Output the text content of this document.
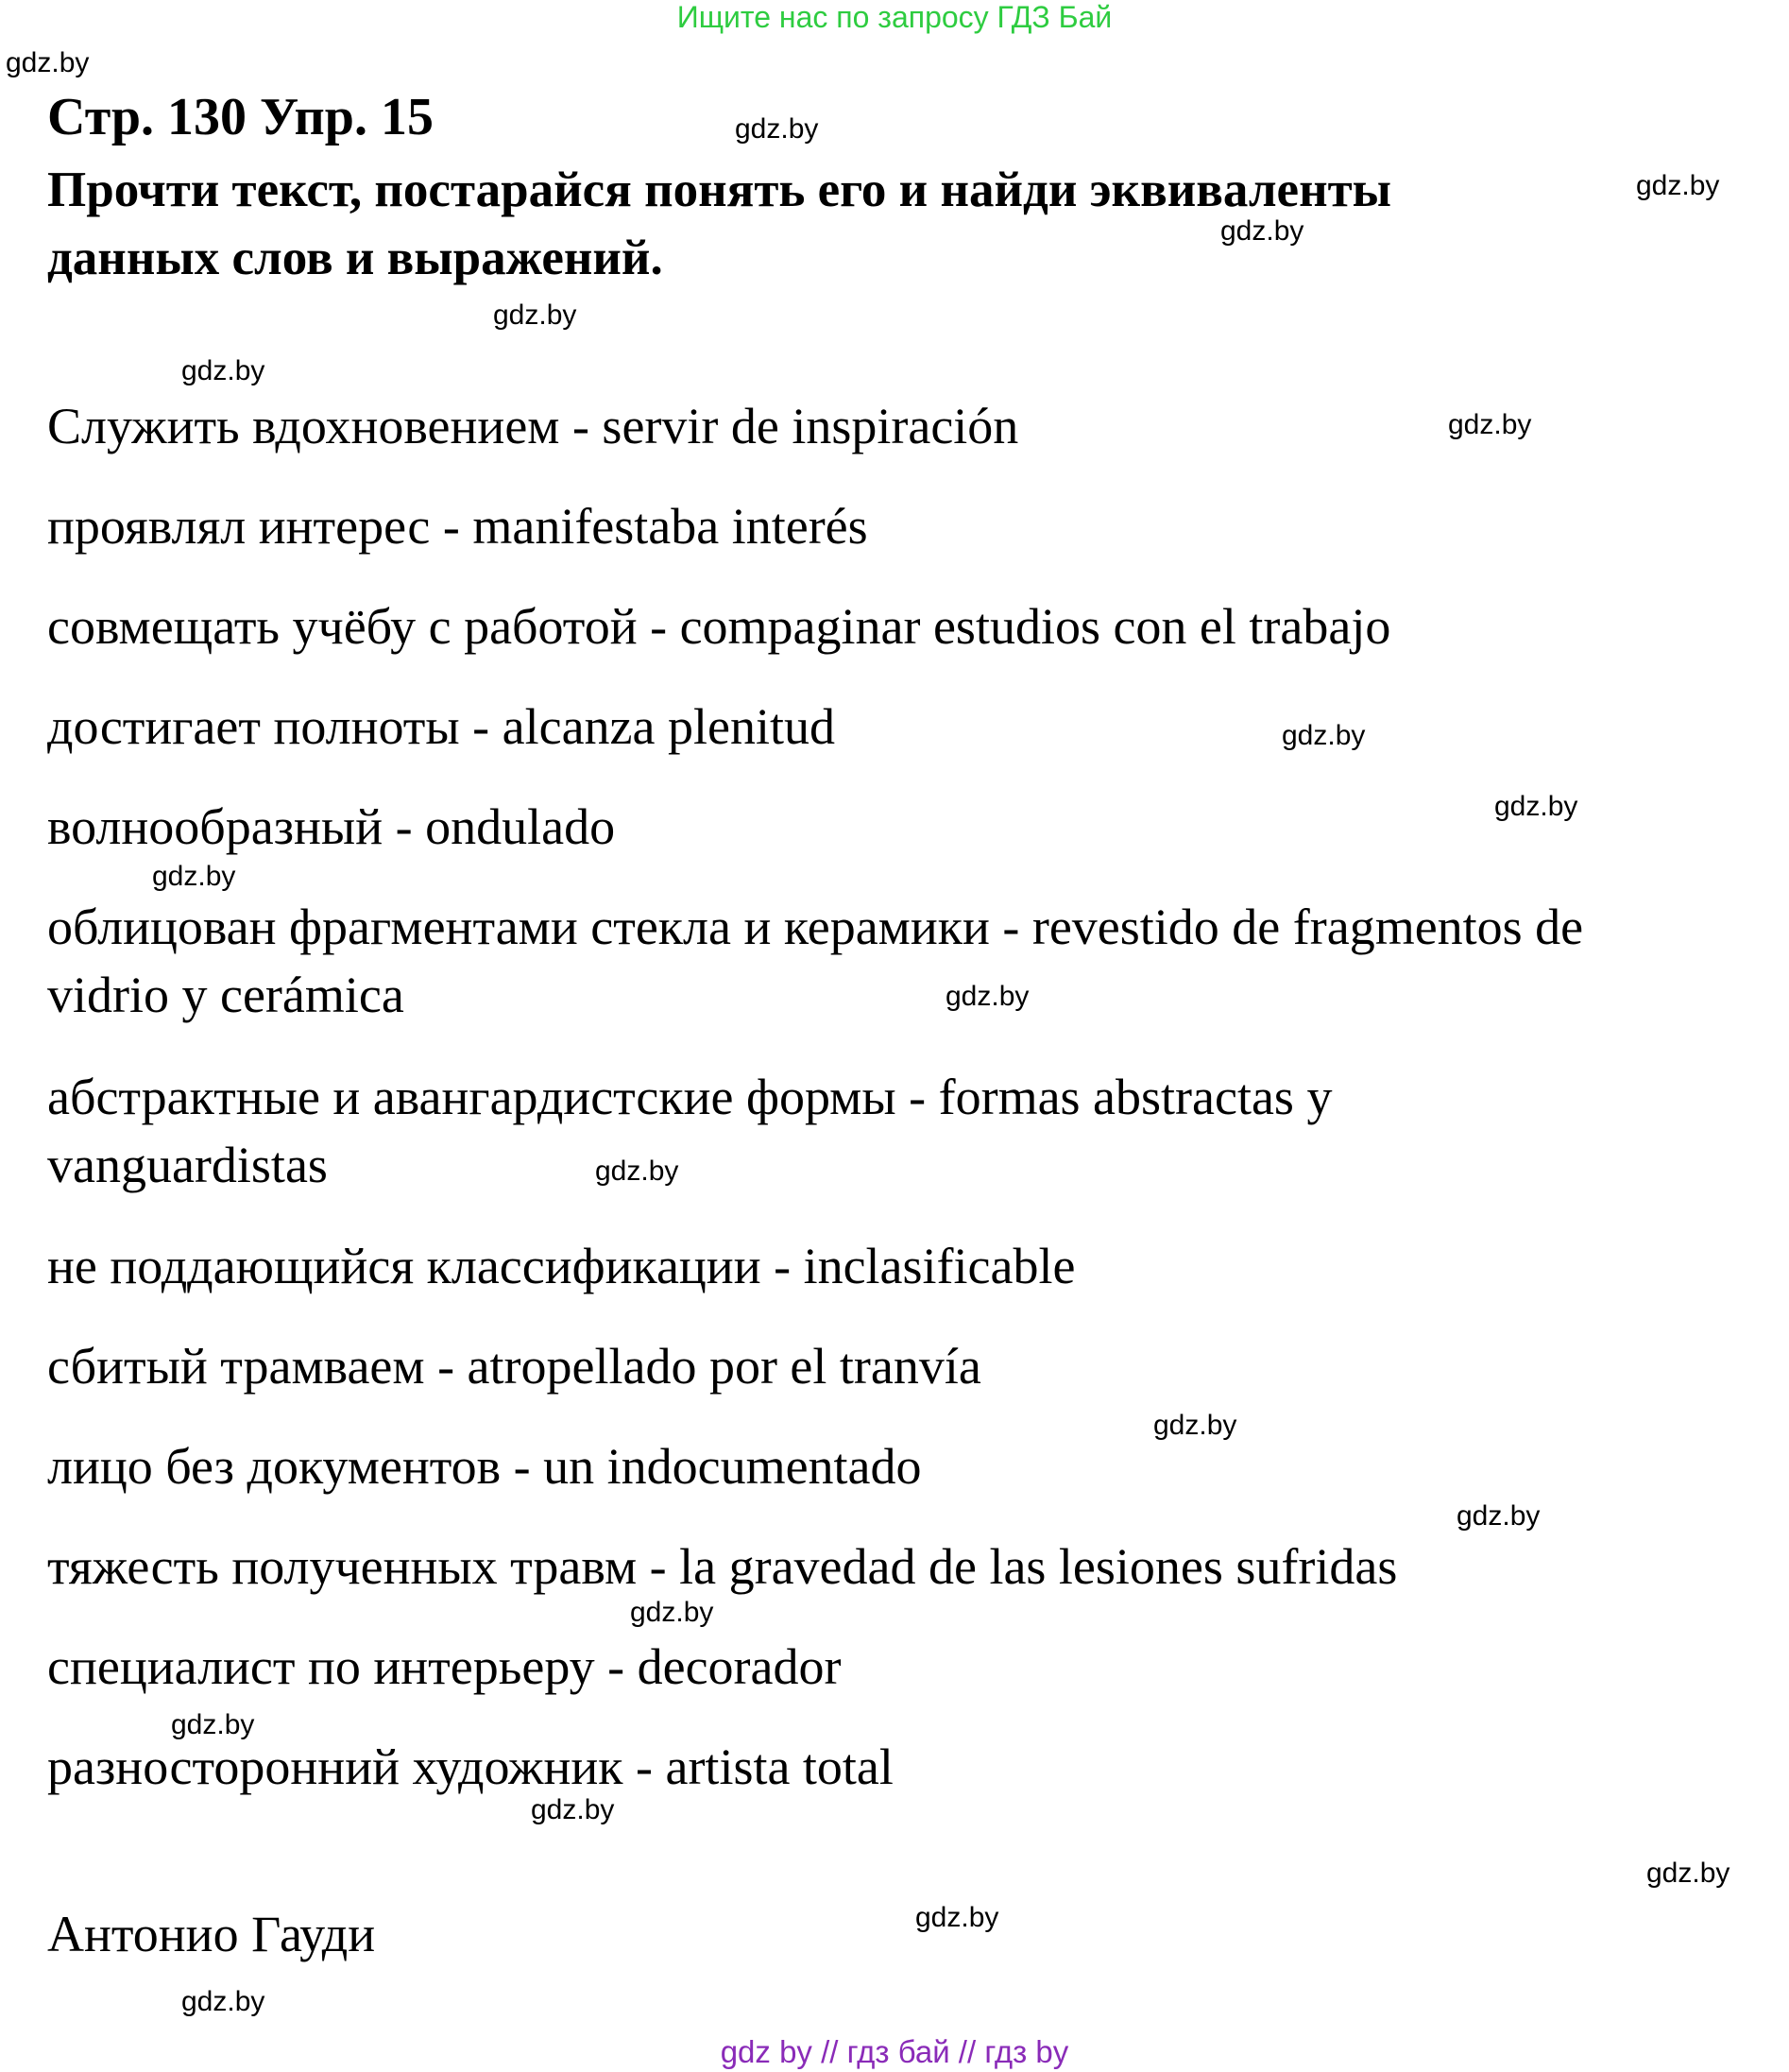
Ищите нас по запросу ГДЗ Бай
gdz.by
Стр. 130 Упр. 15	gdz.by
Прочти текст, постарайся понять его и найди эквиваленты	gdz.by
gdz.by
данных слов и выражений.
gdz.by
gdz.by
Служить вдохновением - servir de inspiración	gdz.by
проявлял интерес - manifestaba interés
совмещать учёбу с работой - compaginar estudios con el trabajo
достигает полноты - alcanza plenitud	gdz.by
gdz.by
волнообразный - ondulado
gdz.by
облицован фрагментами стекла и керамики - revestido de fragmentos de
vidrio y cerámica	gdz.by
абстрактные и авангардистские формы - formas abstractas y
vanguardistas	gdz.by
не поддающийся классификации - inclasificable
сбитый трамваем - atropellado por el tranvía
gdz.by
лицо без документов - un indocumentado
gdz.by
тяжесть полученных травм - la gravedad de las lesiones sufridas
gdz.by
специалист по интерьеру - decorador
gdz.by
разносторонний художник - artista total
gdz.by
gdz.by
gdz.by
Антонио Гауди
gdz.by
gdz by // гдз бай // гдз by
